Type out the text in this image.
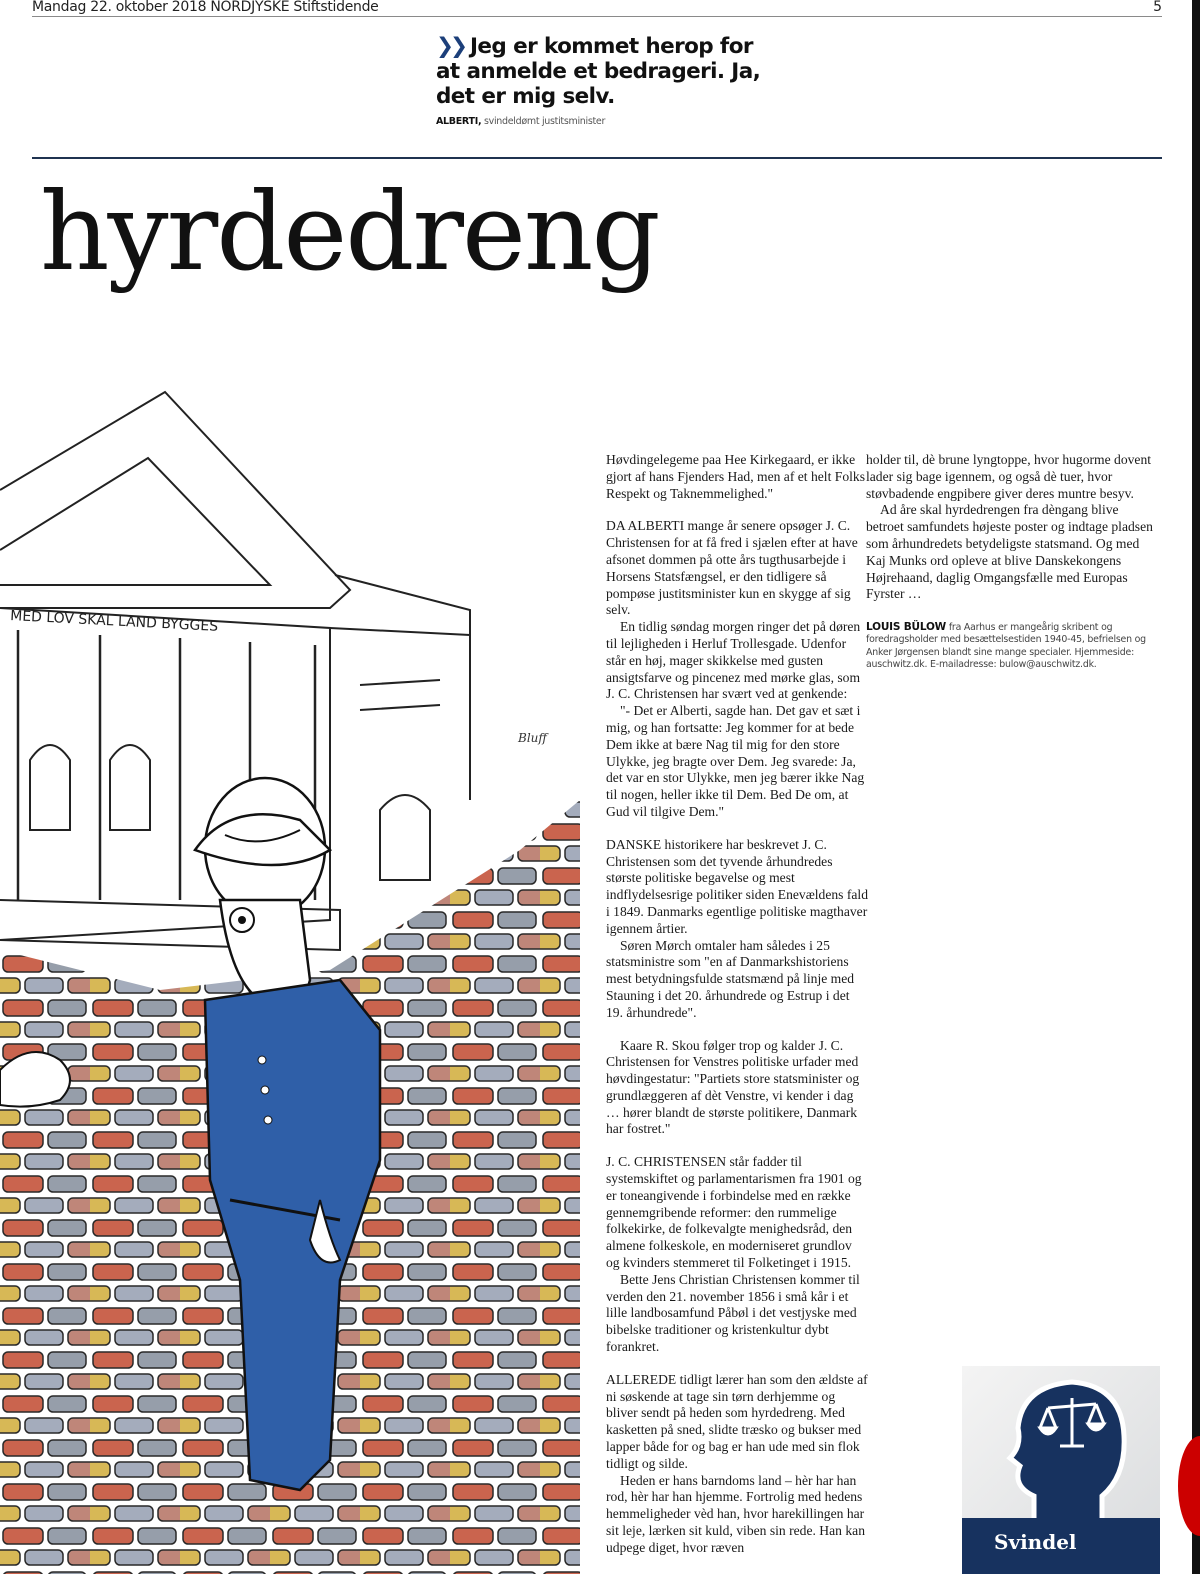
Mandag 22. oktober 2018 NORDJYSKE Stiftstidende	5
❯❯ Jeg er kommet herop for at anmelde et bedrageri. Ja, det er mig selv.
ALBERTI, svindeldømt justitsminister
hyrdedreng
MED LOV SKAL LAND BYGGES
Bluff

Høvdingelegeme paa Hee Kirkegaard, er ikke gjort af hans Fjenders Had, men af et helt Folks Respekt og Taknemmelighed."

DA ALBERTI mange år senere opsøger J. C. Christensen for at få fred i sjælen efter at have afsonet dommen på otte års tugthusarbejde i Horsens Statsfængsel, er den tidligere så pompøse justitsminister kun en skygge af sig selv.

En tidlig søndag morgen ringer det på døren til lejligheden i Herluf Trollesgade. Udenfor står en høj, mager skikkelse med gusten ansigtsfarve og pincenez med mørke glas, som J. C. Christensen har svært ved at genkende:

"- Det er Alberti, sagde han. Det gav et sæt i mig, og han fortsatte: Jeg kommer for at bede Dem ikke at bære Nag til mig for den store Ulykke, jeg bragte over Dem. Jeg svarede: Ja, det var en stor Ulykke, men jeg bærer ikke Nag til nogen, heller ikke til Dem. Bed De om, at Gud vil tilgive Dem."

DANSKE historikere har beskrevet J. C. Christensen som det tyvende århundredes største politiske begavelse og mest indflydelsesrige politiker siden Enevældens fald i 1849. Danmarks egentlige politiske magthaver igennem årtier.

Søren Mørch omtaler ham således i 25 statsministre som "en af Danmarkshistoriens mest betydningsfulde statsmænd på linje med Stauning i det 20. århundrede og Estrup i det 19. århundrede".

Kaare R. Skou følger trop og kalder J. C. Christensen for Venstres politiske urfader med høvdingestatur: "Partiets store statsminister og grundlæggeren af dèt Venstre, vi kender i dag … hører blandt de største politikere, Danmark har fostret."

J. C. CHRISTENSEN står fadder til systemskiftet og parlamentarismen fra 1901 og er toneangivende i forbindelse med en række gennemgribende reformer: den rummelige folkekirke, de folkevalgte menighedsråd, den almene folkeskole, en moderniseret grundlov og kvinders stemmeret til Folketinget i 1915.

Bette Jens Christian Christensen kommer til verden den 21. november 1856 i små kår i et lille landbosamfund Påbøl i det vestjyske med bibelske traditioner og kristenkultur dybt forankret.

ALLEREDE tidligt lærer han som den ældste af ni søskende at tage sin tørn derhjemme og bliver sendt på heden som hyrdedreng. Med kasketten på sned, slidte træsko og bukser med lapper både for og bag er han ude med sin flok tidligt og silde.

Heden er hans barndoms land – hèr har han rod, hèr har han hjemme. Fortrolig med hedens hemmeligheder vèd han, hvor harekillingen har sit leje, lærken sit kuld, viben sin rede. Han kan udpege diget, hvor ræven

holder til, dè brune lyngtoppe, hvor hugorme dovent lader sig bage igennem, og også dè tuer, hvor støvbadende engpibere giver deres muntre besyv.

Ad åre skal hyrdedrengen fra dèngang blive betroet samfundets højeste poster og indtage pladsen som århundredets betydeligste statsmand. Og med Kaj Munks ord opleve at blive Danskekongens Højrehaand, daglig Omgangsfælle med Europas Fyrster …

LOUIS BÜLOW fra Aarhus er mangeårig skribent og foredragsholder med besættelsestiden 1940-45, befrielsen og Anker Jørgensen blandt sine mange specialer. Hjemmeside: auschwitz.dk. E-mailadresse: bulow@auschwitz.dk.
Svindel
